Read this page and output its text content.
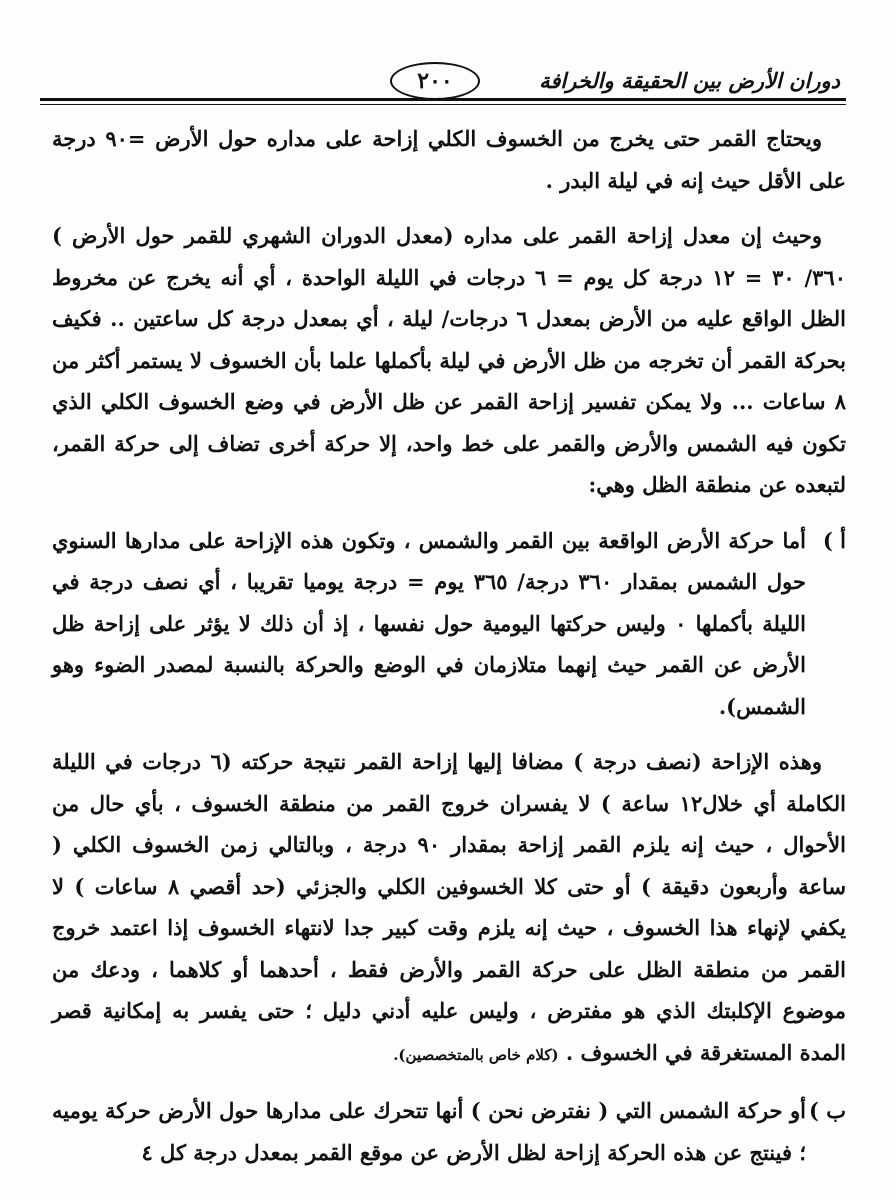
دوران الأرض بين الحقيقة والخرافة
٢٠٠

ويحتاج القمر حتى يخرج من الخسوف الكلي إزاحة على مداره حول الأرض =٩٠ درجة على الأقل حيث إنه في ليلة البدر .

وحيث إن معدل إزاحة القمر على مداره (معدل الدوران الشهري للقمر حول الأرض ) ٣٦٠/ ٣٠ = ١٢ درجة كل يوم = ٦ درجات في الليلة الواحدة ، أي أنه يخرج عن مخروط الظل الواقع عليه من الأرض بمعدل ٦ درجات/ ليلة ، أي بمعدل درجة كل ساعتين .. فكيف بحركة القمر أن تخرجه من ظل الأرض في ليلة بأكملها علما بأن الخسوف لا يستمر أكثر من ٨ ساعات ... ولا يمكن تفسير إزاحة القمر عن ظل الأرض في وضع الخسوف الكلي الذي تكون فيه الشمس والأرض والقمر على خط واحد، إلا حركة أخرى تضاف إلى حركة القمر، لتبعده عن منطقة الظل وهي:

أ )
أما حركة الأرض الواقعة بين القمر والشمس ، وتكون هذه الإزاحة على مدارها السنوي حول الشمس بمقدار ٣٦٠ درجة/ ٣٦٥ يوم = درجة يوميا تقريبا ، أي نصف درجة في الليلة بأكملها ٠ وليس حركتها اليومية حول نفسها ، إذ أن ذلك لا يؤثر على إزاحة ظل الأرض عن القمر حيث إنهما متلازمان في الوضع والحركة بالنسبة لمصدر الضوء وهو الشمس).

وهذه الإزاحة (نصف درجة ) مضافا إليها إزاحة القمر نتيجة حركته (٦ درجات في الليلة الكاملة أي خلال١٢ ساعة ) لا يفسران خروج القمر من منطقة الخسوف ، بأي حال من الأحوال ، حيث إنه يلزم القمر إزاحة بمقدار ٩٠ درجة ، وبالتالي زمن الخسوف الكلي ( ساعة وأربعون دقيقة ) أو حتى كلا الخسوفين الكلي والجزئي (حد أقصي ٨ ساعات ) لا يكفي لإنهاء هذا الخسوف ، حيث إنه يلزم وقت كبير جدا لانتهاء الخسوف إذا اعتمد خروج القمر من منطقة الظل على حركة القمر والأرض فقط ، أحدهما أو كلاهما ، ودعك من موضوع الإكلبتك الذي هو مفترض ، وليس عليه أدني دليل ؛ حتى يفسر به إمكانية قصر المدة المستغرقة في الخسوف . (كلام خاص بالمتخصصين).

ب )
أو حركة الشمس التي ( نفترض نحن ) أنها تتحرك على مدارها حول الأرض حركة يوميه ؛ فينتج عن هذه الحركة إزاحة لظل الأرض عن موقع القمر بمعدل درجة كل ٤
